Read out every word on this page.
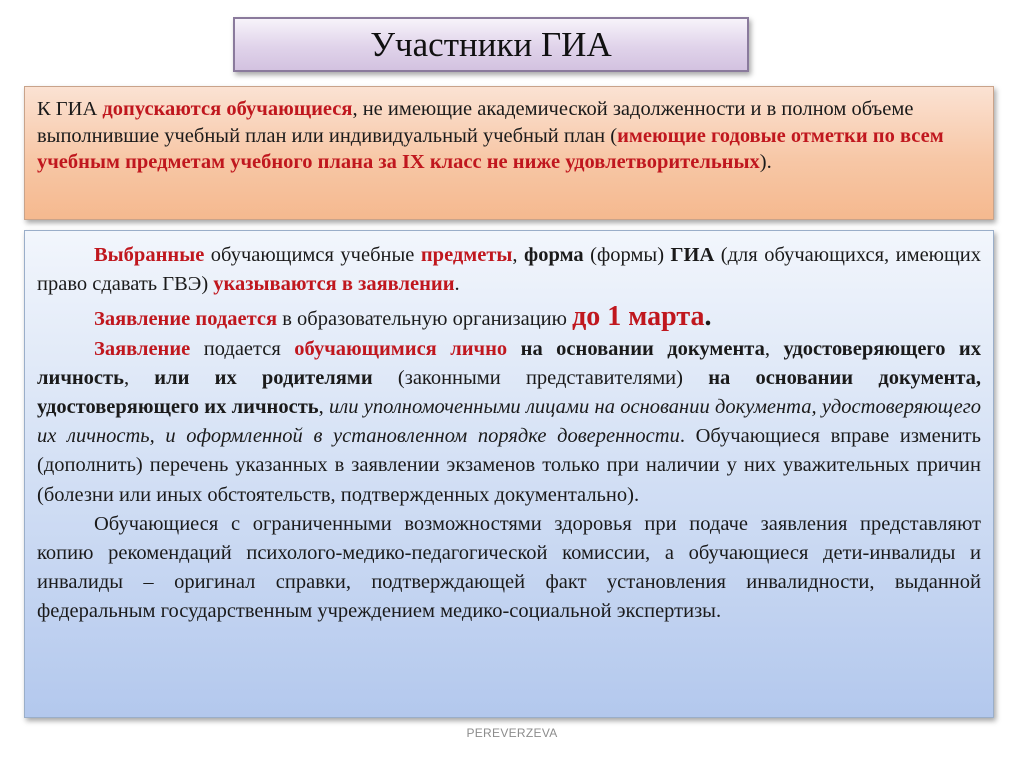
Участники ГИА
К ГИА допускаются обучающиеся, не имеющие академической задолженности и в полном объеме выполнившие учебный план или индивидуальный учебный план (имеющие годовые отметки по всем учебным предметам учебного плана за IX класс не ниже удовлетворительных).

Выбранные обучающимся учебные предметы, форма (формы) ГИА (для обучающихся, имеющих право сдавать ГВЭ) указываются в заявлении.

Заявление подается в образовательную организацию до 1 марта.

Заявление подается обучающимися лично на основании документа, удостоверяющего их личность, или их родителями (законными представителями) на основании документа, удостоверяющего их личность, или уполномоченными лицами на основании документа, удостоверяющего их личность, и оформленной в установленном порядке доверенности. Обучающиеся вправе изменить (дополнить) перечень указанных в заявлении экзаменов только при наличии у них уважительных причин (болезни или иных обстоятельств, подтвержденных документально).

Обучающиеся с ограниченными возможностями здоровья при подаче заявления представляют копию рекомендаций психолого-медико-педагогической комиссии, а обучающиеся дети-инвалиды и инвалиды – оригинал справки, подтверждающей факт установления инвалидности, выданной федеральным государственным учреждением медико-социальной экспертизы.

PEREVERZEVA
